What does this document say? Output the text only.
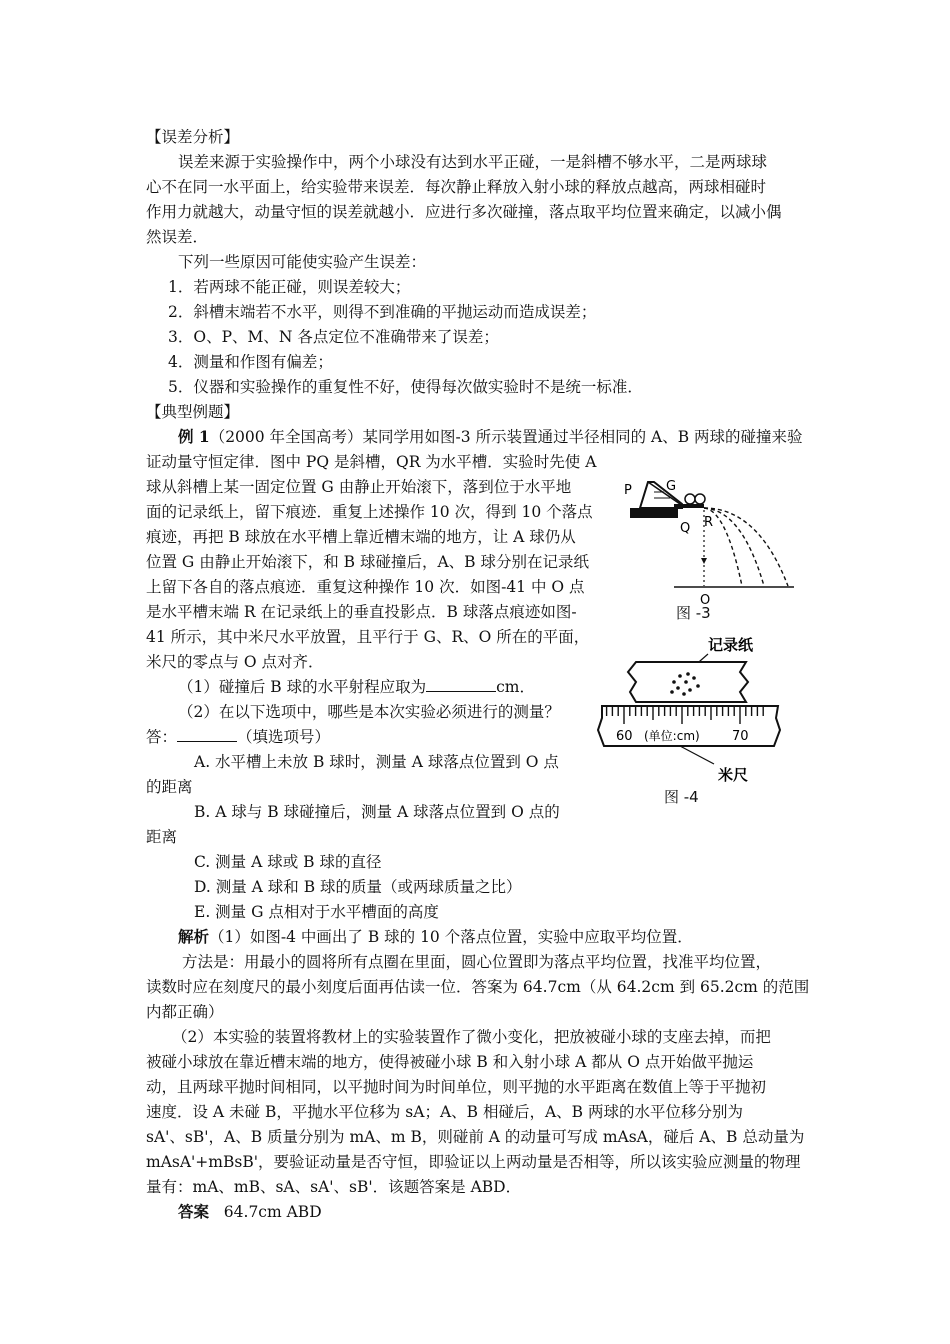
【误差分析】
误差来源于实验操作中，两个小球没有达到水平正碰，一是斜槽不够水平，二是两球球
心不在同一水平面上，给实验带来误差．每次静止释放入射小球的释放点越高，两球相碰时
作用力就越大，动量守恒的误差就越小．应进行多次碰撞，落点取平均位置来确定，以减小偶
然误差．
下列一些原因可能使实验产生误差：
1．若两球不能正碰，则误差较大；
2．斜槽末端若不水平，则得不到准确的平抛运动而造成误差；
3．O、P、M、N 各点定位不准确带来了误差；
4．测量和作图有偏差；
5．仪器和实验操作的重复性不好，使得每次做实验时不是统一标准．
【典型例题】
例 1（2000 年全国高考）某同学用如图-3 所示装置通过半径相同的 A、B 两球的碰撞来验
证动量守恒定律．图中 PQ 是斜槽，QR 为水平槽．实验时先使 A
球从斜槽上某一固定位置 G 由静止开始滚下，落到位于水平地
面的记录纸上，留下痕迹．重复上述操作 10 次，得到 10 个落点
痕迹，再把 B 球放在水平槽上靠近槽末端的地方，让 A 球仍从
位置 G 由静止开始滚下，和 B 球碰撞后，A、B 球分别在记录纸
上留下各自的落点痕迹．重复这种操作 10 次．如图-41 中 O 点
是水平槽末端 R 在记录纸上的垂直投影点．B 球落点痕迹如图-
41 所示，其中米尺水平放置，且平行于 G、R、O 所在的平面，
米尺的零点与 O 点对齐．
（1）碰撞后 B 球的水平射程应取为	cm．
（2）在以下选项中，哪些是本次实验必须进行的测量？
答：	（填选项号）
A. 水平槽上未放 B 球时，测量 A 球落点位置到 O 点
的距离
B. A 球与 B 球碰撞后，测量 A 球落点位置到 O 点的
距离
C. 测量 A 球或 B 球的直径
D. 测量 A 球和 B 球的质量（或两球质量之比）
E. 测量 G 点相对于水平槽面的高度
解析（1）如图-4 中画出了 B 球的 10 个落点位置，实验中应取平均位置．
方法是：用最小的圆将所有点圈在里面，圆心位置即为落点平均位置，找准平均位置，
读数时应在刻度尺的最小刻度后面再估读一位．答案为 64.7cm（从 64.2cm 到 65.2cm 的范围
内都正确）
（2）本实验的装置将教材上的实验装置作了微小变化，把放被碰小球的支座去掉，而把
被碰小球放在靠近槽末端的地方，使得被碰小球 B 和入射小球 A 都从 O 点开始做平抛运
动，且两球平抛时间相同，以平抛时间为时间单位，则平抛的水平距离在数值上等于平抛初
速度．设 A 未碰 B，平抛水平位移为 sA；A、B 相碰后，A、B 两球的水平位移分别为
sA'、sB'，A、B 质量分别为 mA、m B，则碰前 A 的动量可写成 mAsA，碰后 A、B 总动量为
mAsA'+mBsB'，要验证动量是否守恒，即验证以上两动量是否相等，所以该实验应测量的物理
量有：mA、mB、sA、sA'、sB'．该题答案是 ABD．
答案 64.7cm ABD
P	G
Q R
O
图 -3
记录纸
60 (单位:cm) 70
米尺
图 -4
